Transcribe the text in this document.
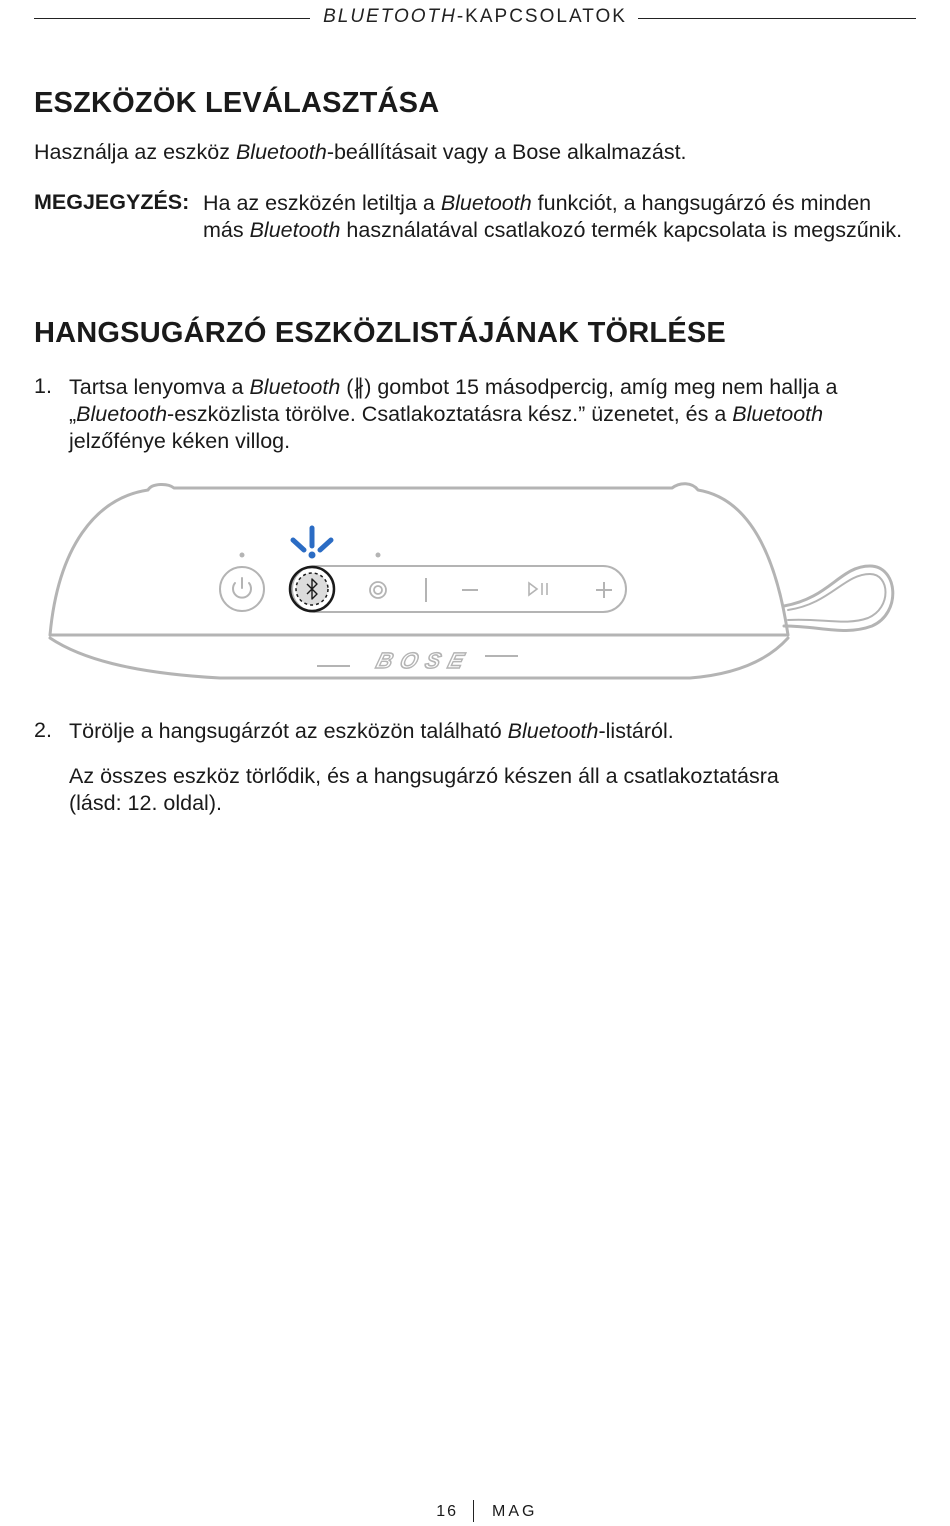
BLUETOOTH-KAPCSOLATOK
ESZKÖZÖK LEVÁLASZTÁSA

Használja az eszköz Bluetooth-beállításait vagy a Bose alkalmazást.

MEGJEGYZÉS: Ha az eszközén letiltja a Bluetooth funkciót, a hangsugárzó és minden más Bluetooth használatával csatlakozó termék kapcsolata is megszűnik.

HANGSUGÁRZÓ ESZKÖZLISTÁJÁNAK TÖRLÉSE
1. Tartsa lenyomva a Bluetooth (∦) gombot 15 másodpercig, amíg meg nem hallja a „Bluetooth-eszközlista törölve. Csatlakoztatásra kész.” üzenetet, és a Bluetooth jelzőfénye kéken villog.

BOSE
2. Törölje a hangsugárzót az eszközön található Bluetooth-listáról.

Az összes eszköz törlődik, és a hangsugárzó készen áll a csatlakoztatásra (lásd: 12. oldal).

16 MAG
